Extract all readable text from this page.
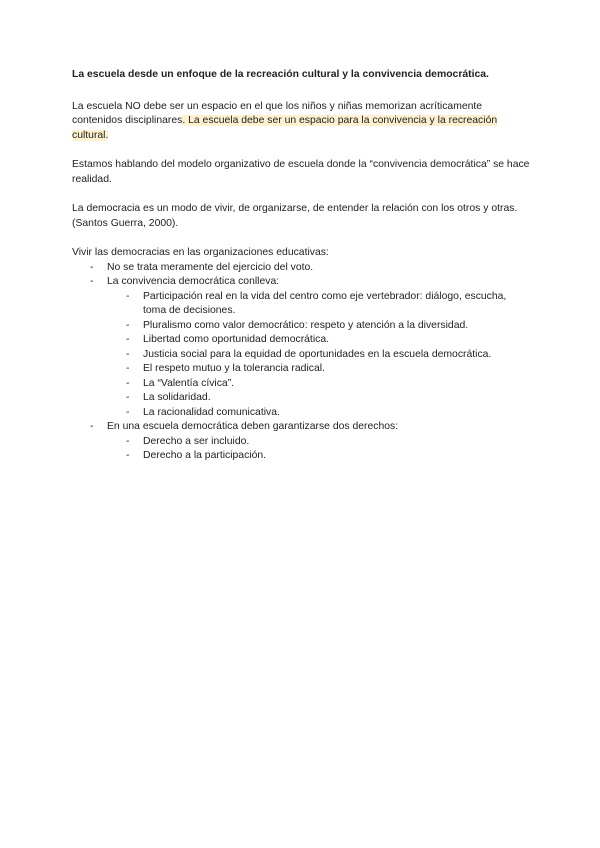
La escuela desde un enfoque de la recreación cultural y la convivencia democrática.

La escuela NO debe ser un espacio en el que los niños y niñas memorizan acríticamente contenidos disciplinares. La escuela debe ser un espacio para la convivencia y la recreación cultural.

Estamos hablando del modelo organizativo de escuela donde la “convivencia democrática” se hace realidad.

La democracia es un modo de vivir, de organizarse, de entender la relación con los otros y otras. (Santos Guerra, 2000).

Vivir las democracias en las organizaciones educativas:

- No se trata meramente del ejercicio del voto.
- La convivencia democrática conlleva:
- Participación real en la vida del centro como eje vertebrador: diálogo, escucha, toma de decisiones.
- Pluralismo como valor democrático: respeto y atención a la diversidad.
- Libertad como oportunidad democrática.
- Justicia social para la equidad de oportunidades en la escuela democrática.
- El respeto mutuo y la tolerancia radical.
- La “Valentía cívica”.
- La solidaridad.
- La racionalidad comunicativa.
- En una escuela democrática deben garantizarse dos derechos:
- Derecho a ser incluido.
- Derecho a la participación.
